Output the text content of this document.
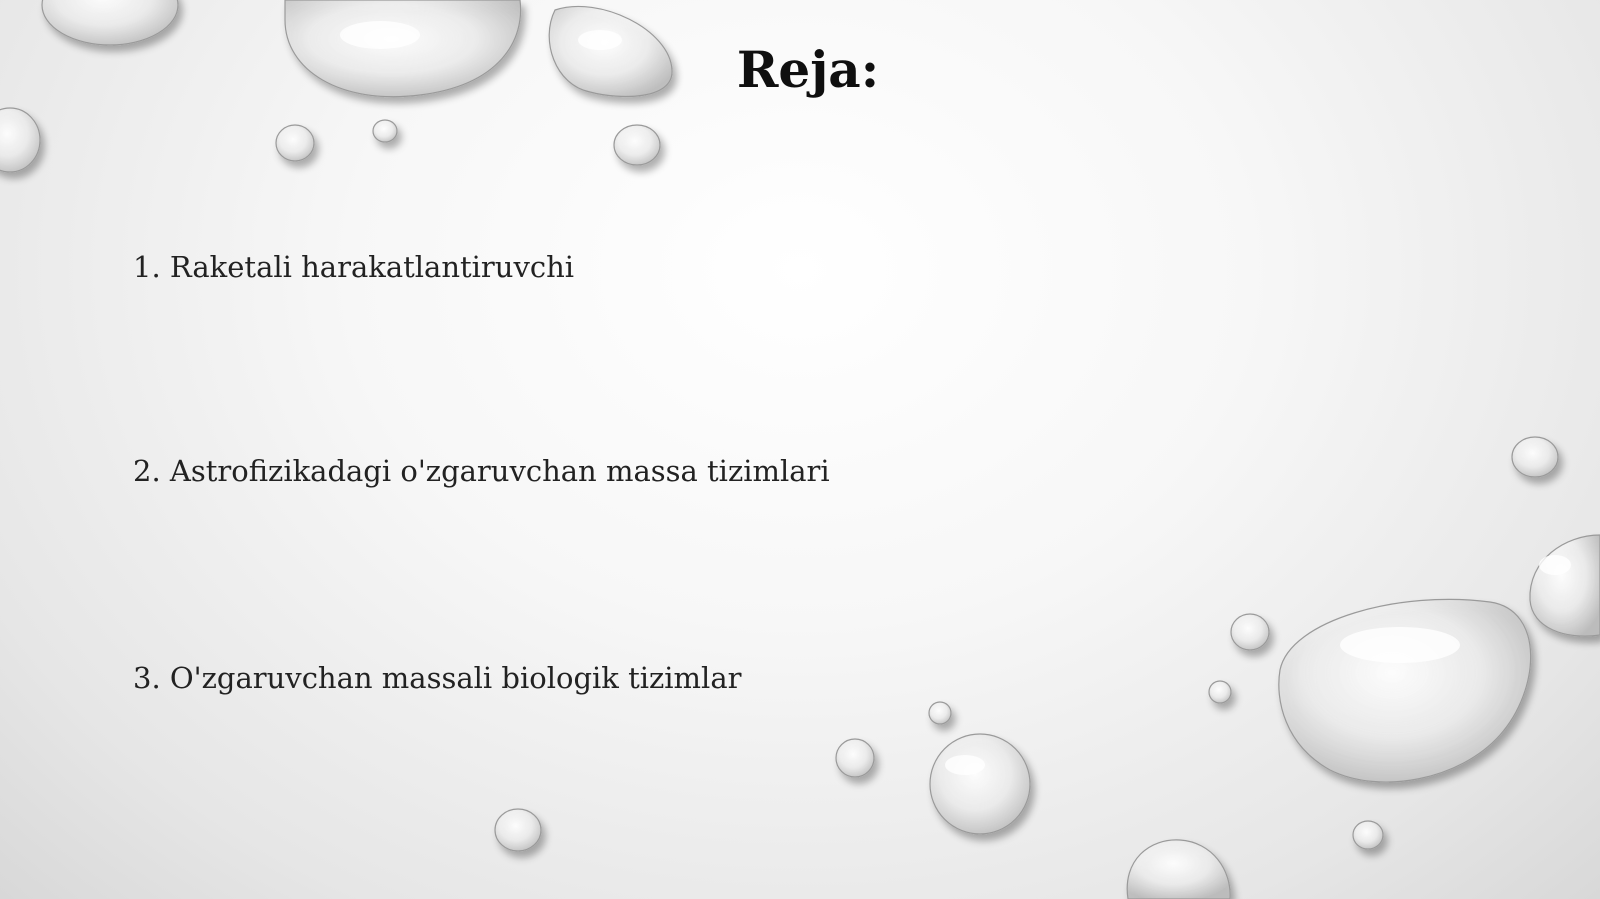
Reja:
1. Raketali harakatlantiruvchi
2. Astrofizikadagi o'zgaruvchan massa tizimlari
3. O'zgaruvchan massali biologik tizimlar
